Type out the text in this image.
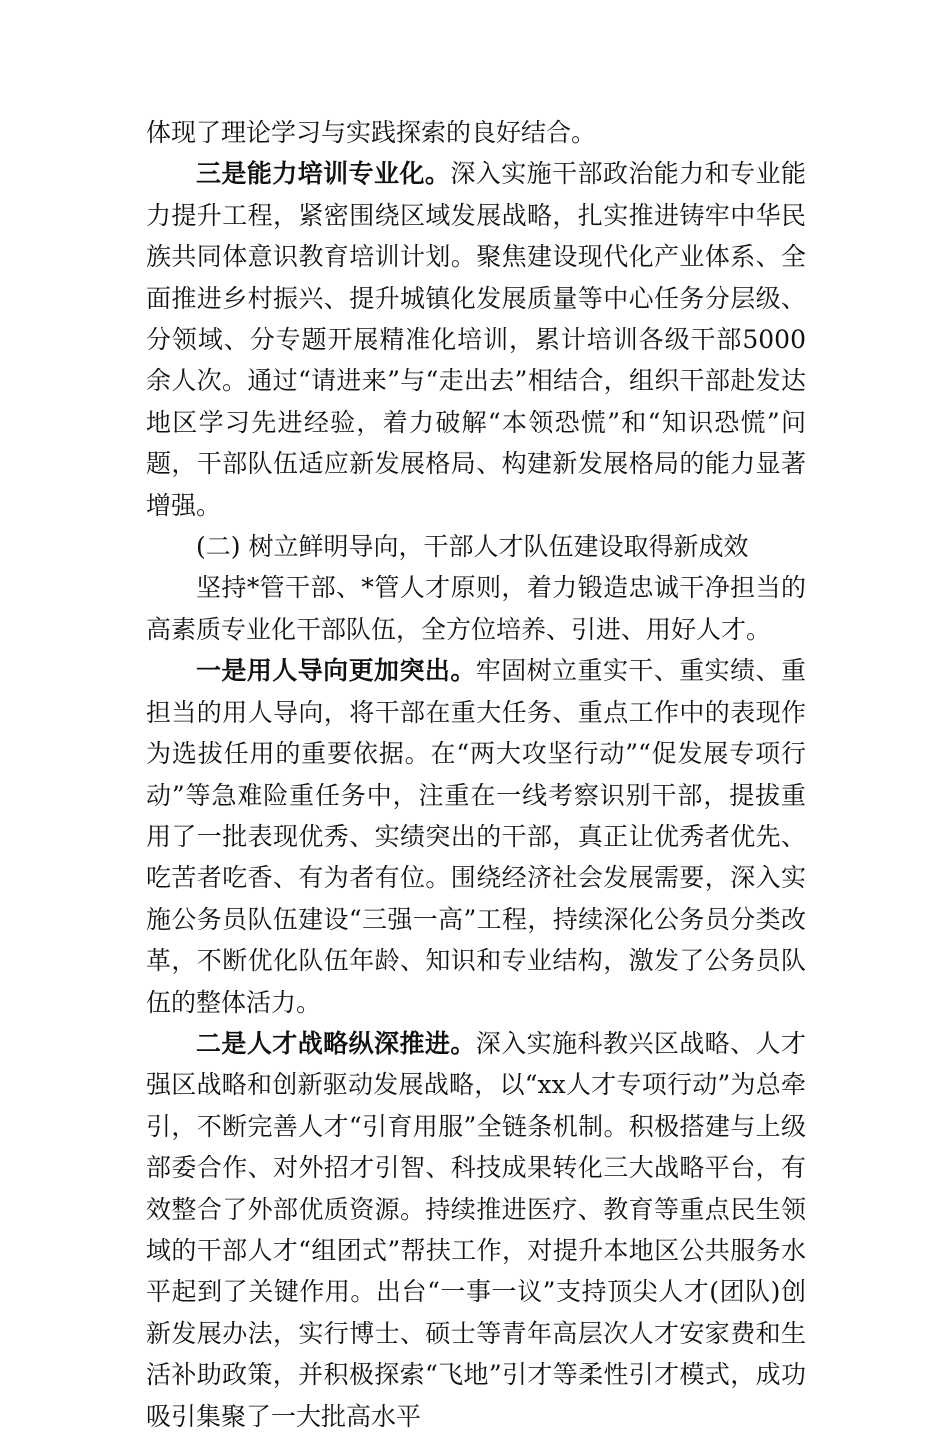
体现了理论学习与实践探索的良好结合。

三是能力培训专业化。深入实施干部政治能力和专业能力提升工程，紧密围绕区域发展战略，扎实推进铸牢中华民族共同体意识教育培训计划。聚焦建设现代化产业体系、全面推进乡村振兴、提升城镇化发展质量等中心任务分层级、分领域、分专题开展精准化培训，累计培训各级干部5000余人次。通过“请进来”与“走出去”相结合，组织干部赴发达地区学习先进经验，着力破解“本领恐慌”和“知识恐慌”问题，干部队伍适应新发展格局、构建新发展格局的能力显著增强。

(二) 树立鲜明导向，干部人才队伍建设取得新成效

坚持*管干部、*管人才原则，着力锻造忠诚干净担当的高素质专业化干部队伍，全方位培养、引进、用好人才。

一是用人导向更加突出。牢固树立重实干、重实绩、重担当的用人导向，将干部在重大任务、重点工作中的表现作为选拔任用的重要依据。在“两大攻坚行动”“促发展专项行动”等急难险重任务中，注重在一线考察识别干部，提拔重用了一批表现优秀、实绩突出的干部，真正让优秀者优先、吃苦者吃香、有为者有位。围绕经济社会发展需要，深入实施公务员队伍建设“三强一高”工程，持续深化公务员分类改革，不断优化队伍年龄、知识和专业结构，激发了公务员队伍的整体活力。

二是人才战略纵深推进。深入实施科教兴区战略、人才强区战略和创新驱动发展战略，以“xx人才专项行动”为总牵引，不断完善人才“引育用服”全链条机制。积极搭建与上级部委合作、对外招才引智、科技成果转化三大战略平台，有效整合了外部优质资源。持续推进医疗、教育等重点民生领域的干部人才“组团式”帮扶工作，对提升本地区公共服务水平起到了关键作用。出台“一事一议”支持顶尖人才(团队)创新发展办法，实行博士、硕士等青年高层次人才安家费和生活补助政策，并积极探索“飞地”引才等柔性引才模式，成功吸引集聚了一大批高水平
